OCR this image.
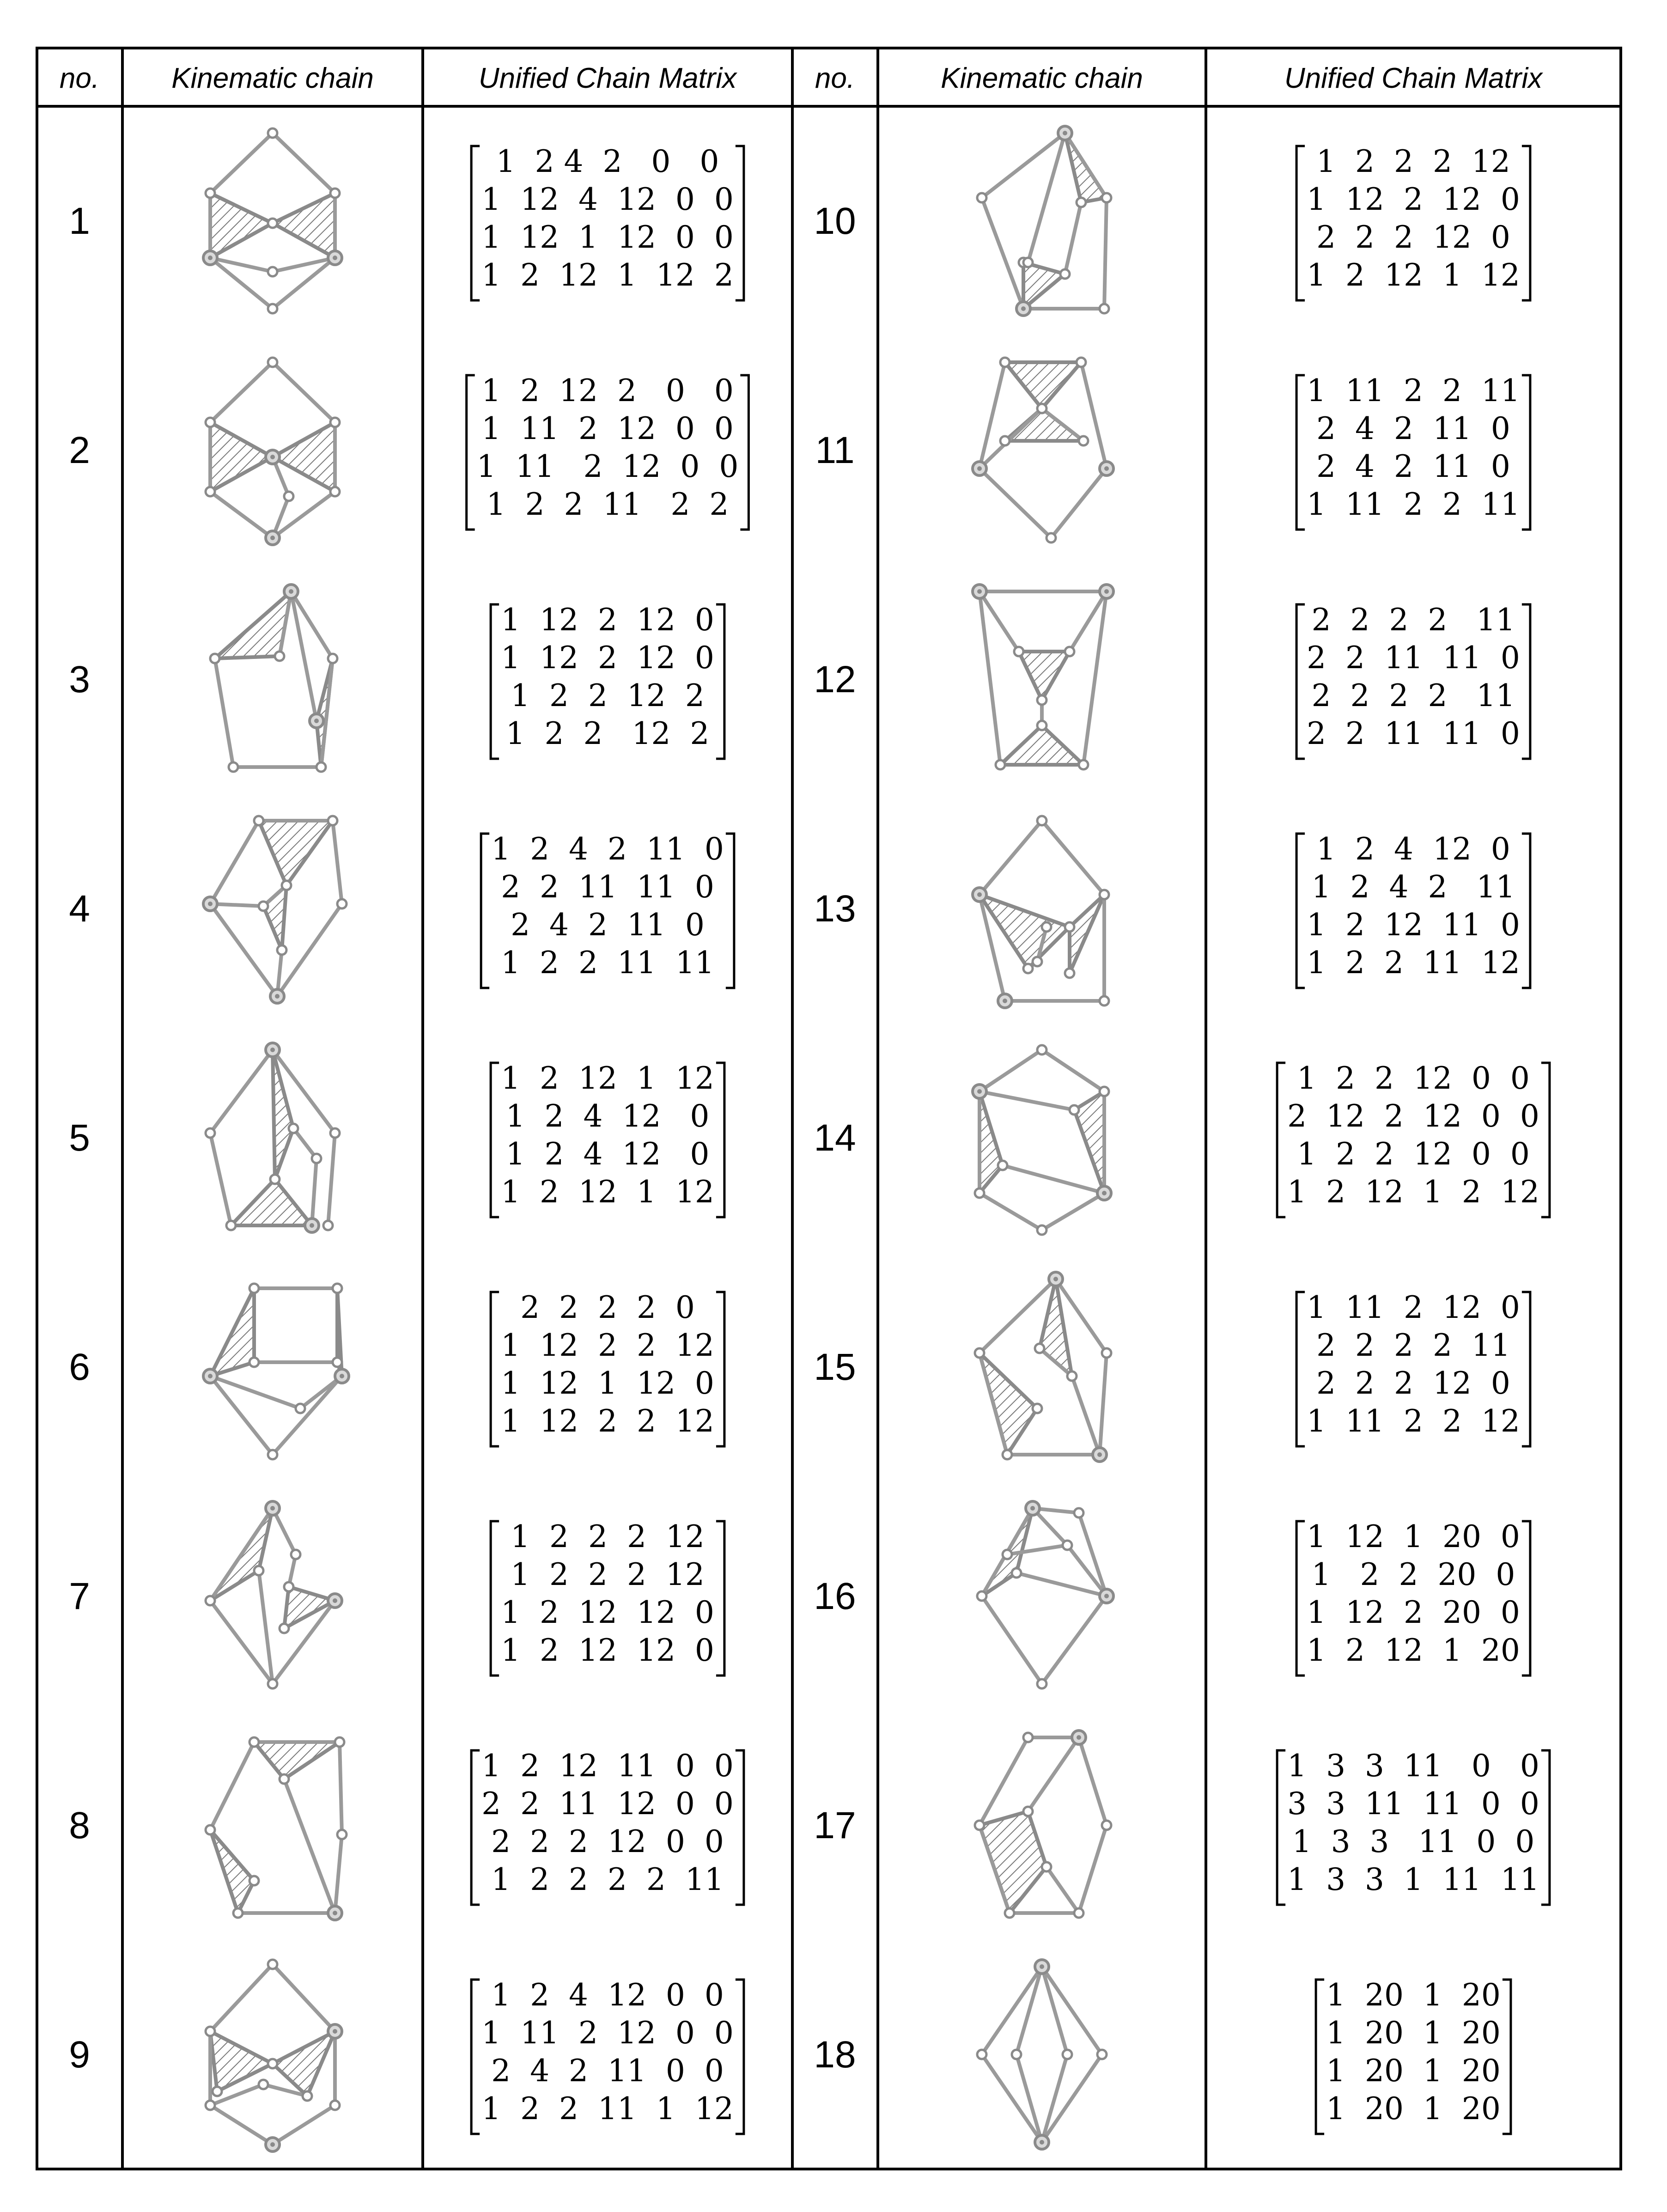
no.	Kinematic chain	Unified Chain Matrix	no.	Kinematic chain	Unified Chain Matrix
1
1  2 4  2   0   0
1  12  4  12  0  0
1  12  1  12  0  0
1  2  12  1  12  2
2
1  2  12  2   0   0
1  11  2  12  0  0
1  11   2  12  0  0
1  2  2  11   2  2
3
1  12  2  12  0
1  12  2  12  0
1  2  2  12  2
1  2  2   12  2
4
1  2  4  2  11  0
2  2  11  11  0
2  4  2  11  0
1  2  2  11  11
5
1  2  12  1  12
1  2  4  12   0
1  2  4  12   0
1  2  12  1  12
6
2  2  2  2  0
1  12  2  2  12
1  12  1  12  0
1  12  2  2  12
7
1  2  2  2  12
1  2  2  2  12
1  2  12  12  0
1  2  12  12  0
8
1  2  12  11  0  0
2  2  11  12  0  0
2  2  2  12  0  0
1  2  2  2  2  11
9
1  2  4  12  0  0
1  11  2  12  0  0
2  4  2  11  0  0
1  2  2  11  1  12
10
1  2  2  2  12
1  12  2  12  0
2  2  2  12  0
1  2  12  1  12
11
1  11  2  2  11
2  4  2  11  0
2  4  2  11  0
1  11  2  2  11
12
2  2  2  2   11
2  2  11  11  0
2  2  2  2   11
2  2  11  11  0
13
1  2  4  12  0
1  2  4  2   11
1  2  12  11  0
1  2  2  11  12
14
1  2  2  12  0  0
2  12  2  12  0  0
1  2  2  12  0  0
1  2  12  1  2  12
15
1  11  2  12  0
2  2  2  2  11
2  2  2  12  0
1  11  2  2  12
16
1  12  1  20  0
1   2  2  20  0
1  12  2  20  0
1  2  12  1  20
17
1  3  3  11   0   0
3  3  11  11  0  0
1  3  3   11  0  0
1  3  3  1  11  11
18
1  20  1  20
1  20  1  20
1  20  1  20
1  20  1  20
